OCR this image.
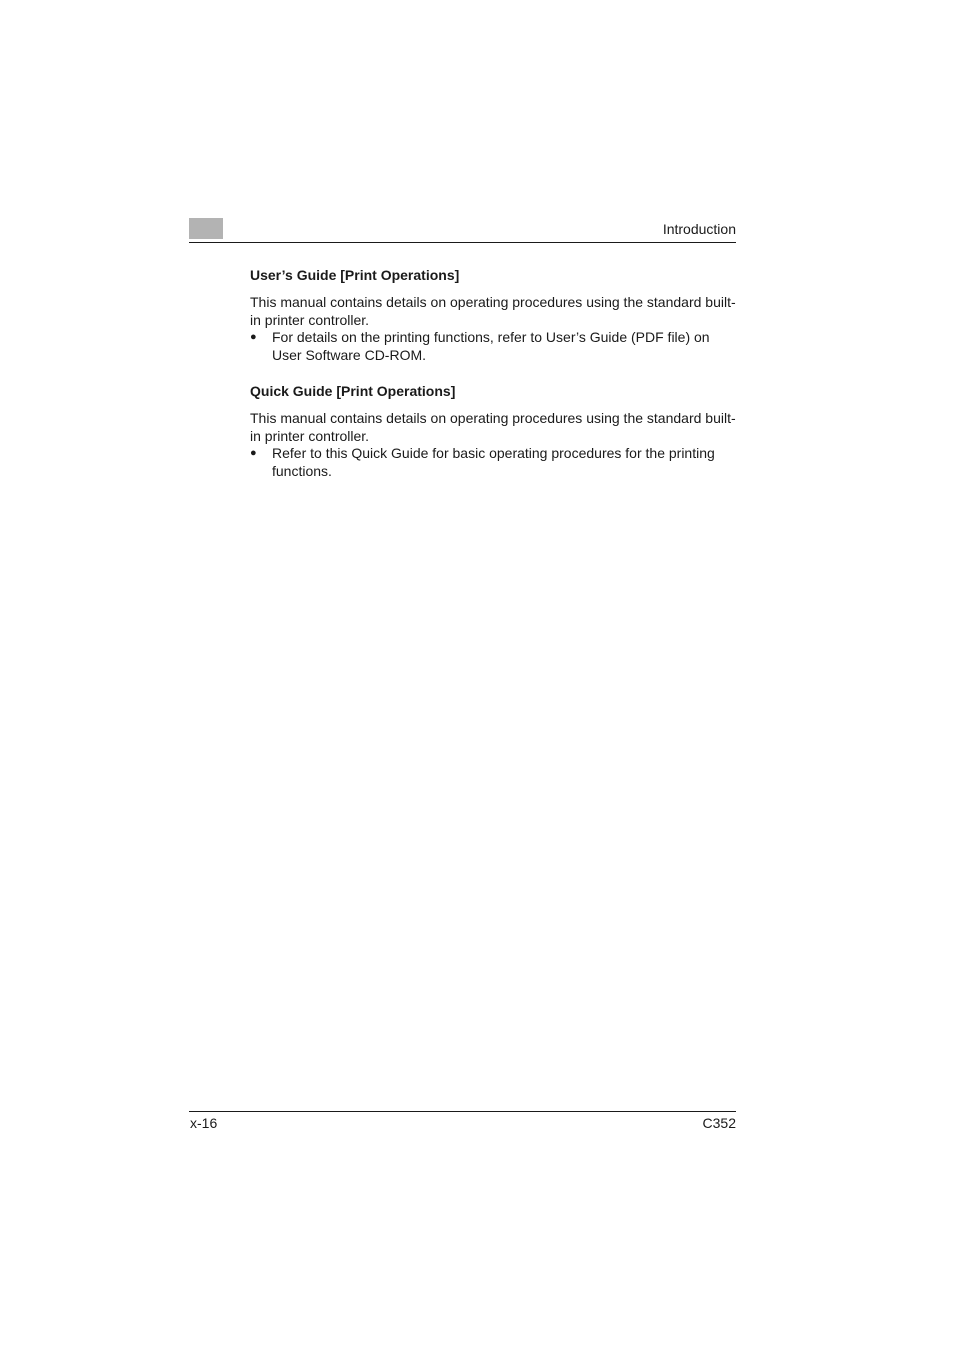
Introduction

User’s Guide [Print Operations]

This manual contains details on operating procedures using the standard built-in printer controller.

●	For details on the printing functions, refer to User’s Guide (PDF file) on User Software CD-ROM.

Quick Guide [Print Operations]

This manual contains details on operating procedures using the standard built-in printer controller.

●	Refer to this Quick Guide for basic operating procedures for the printing functions.
x-16	C352
